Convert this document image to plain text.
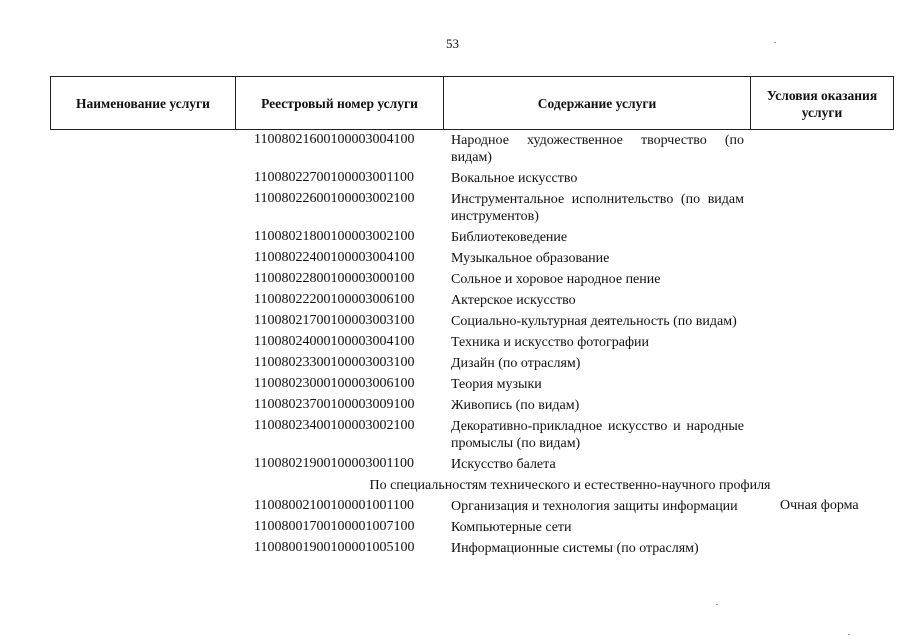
53
Наименование услуги	Реестровый номер услуги	Содержание услуги	Условия оказания услуги
11008021600100003004100	Народное художественное творчество (по видам)
11008022700100003001100	Вокальное искусство
11008022600100003002100	Инструментальное исполнительство (по видам инструментов)
11008021800100003002100	Библиотековедение
11008022400100003004100	Музыкальное образование
11008022800100003000100	Сольное и хоровое народное пение
11008022200100003006100	Актерское искусство
11008021700100003003100	Социально-культурная деятельность (по видам)
11008024000100003004100	Техника и искусство фотографии
11008023300100003003100	Дизайн (по отраслям)
11008023000100003006100	Теория музыки
11008023700100003009100	Живопись (по видам)
11008023400100003002100	Декоративно-прикладное искусство и народные промыслы (по видам)
11008021900100003001100	Искусство балета
По специальностям технического и естественно-научного профиля
11008002100100001001100	Организация и технология защиты информации	Очная форма
11008001700100001007100	Компьютерные сети
11008001900100001005100	Информационные системы (по отраслям)
